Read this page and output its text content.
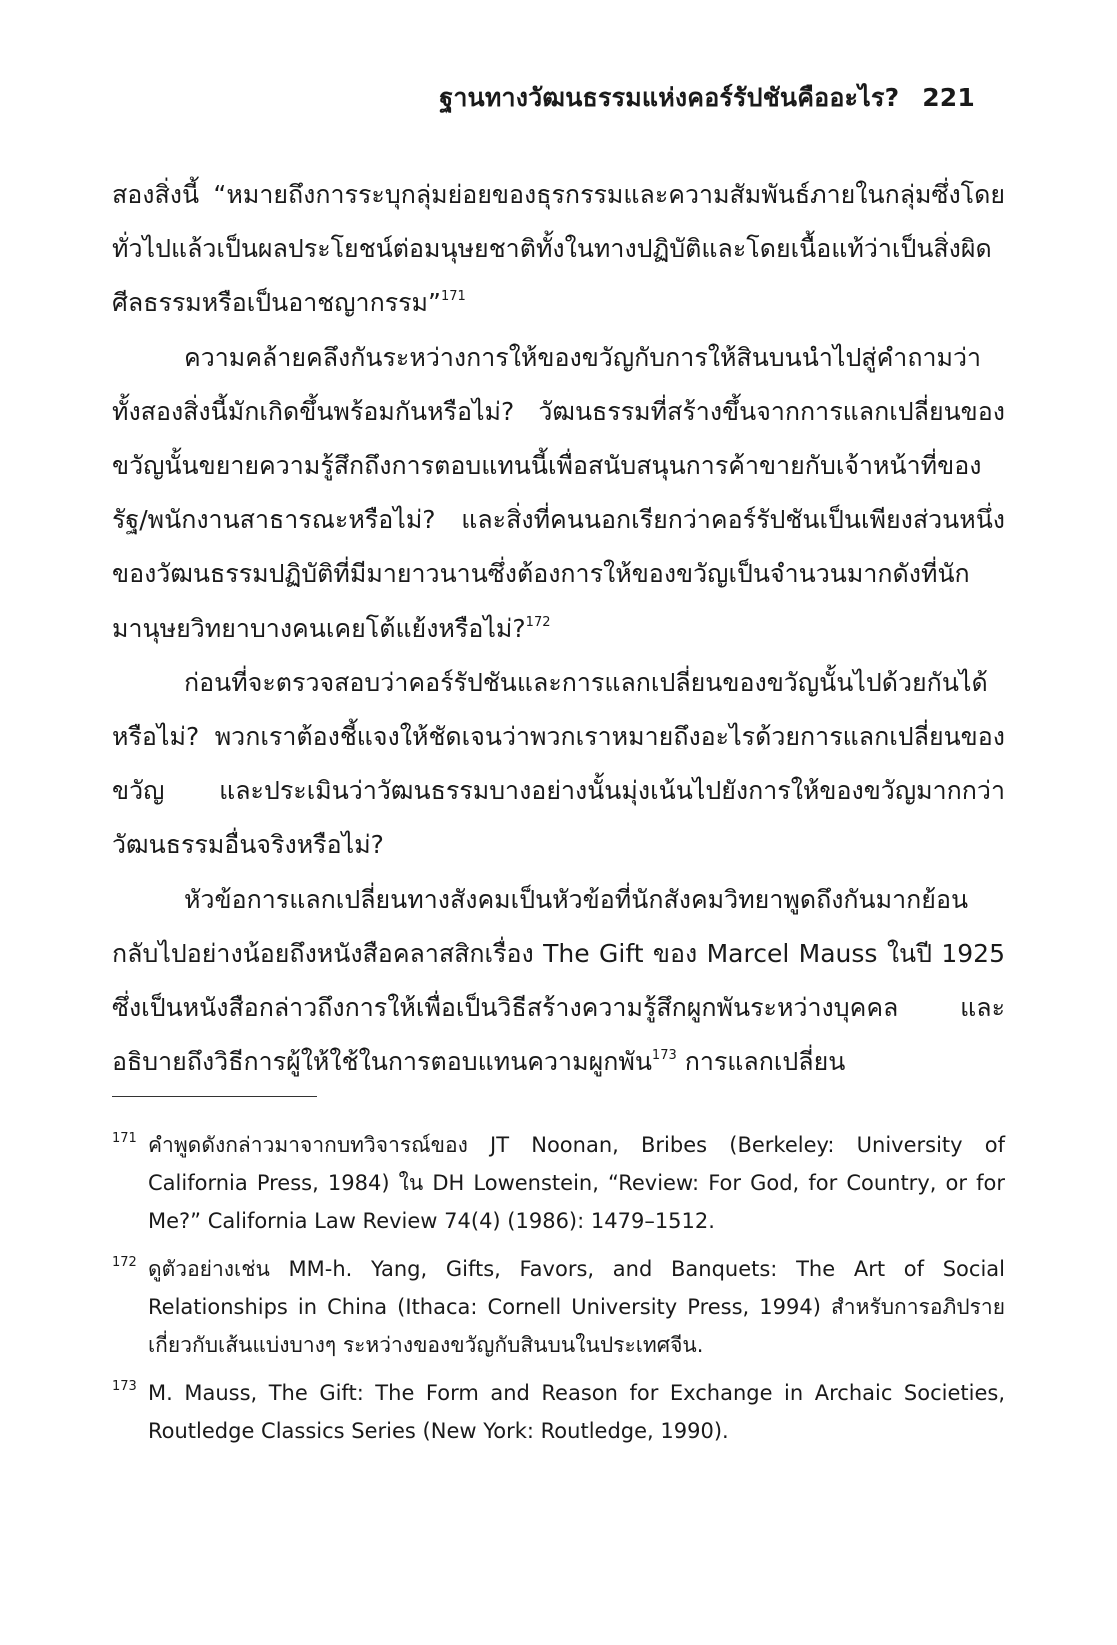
ฐานทางวัฒนธรรมแห่งคอร์รัปชันคืออะไร? 221

สองสิ่งนี้ “หมายถึงการระบุกลุ่มย่อยของธุรกรรมและความสัมพันธ์ภายในกลุ่มซึ่งโดยทั่วไปแล้วเป็นผลประโยชน์ต่อมนุษยชาติทั้งในทางปฏิบัติและโดยเนื้อแท้ว่าเป็นสิ่งผิดศีลธรรมหรือเป็นอาชญากรรม”$^{171}$

ความคล้ายคลึงกันระหว่างการให้ของขวัญกับการให้สินบนนำไปสู่คำถามว่าทั้งสองสิ่งนี้มักเกิดขึ้นพร้อมกันหรือไม่? วัฒนธรรมที่สร้างขึ้นจากการแลกเปลี่ยนของขวัญนั้นขยายความรู้สึกถึงการตอบแทนนี้เพื่อสนับสนุนการค้าขายกับเจ้าหน้าที่ของรัฐ/พนักงานสาธารณะหรือไม่? และสิ่งที่คนนอกเรียกว่าคอร์รัปชันเป็นเพียงส่วนหนึ่งของวัฒนธรรมปฏิบัติที่มีมายาวนานซึ่งต้องการให้ของขวัญเป็นจำนวนมากดังที่นักมานุษยวิทยาบางคนเคยโต้แย้งหรือไม่?$^{172}$

ก่อนที่จะตรวจสอบว่าคอร์รัปชันและการแลกเปลี่ยนของขวัญนั้นไปด้วยกันได้หรือไม่? พวกเราต้องชี้แจงให้ชัดเจนว่าพวกเราหมายถึงอะไรด้วยการแลกเปลี่ยนของขวัญ และประเมินว่าวัฒนธรรมบางอย่างนั้นมุ่งเน้นไปยังการให้ของขวัญมากกว่าวัฒนธรรมอื่นจริงหรือไม่?

หัวข้อการแลกเปลี่ยนทางสังคมเป็นหัวข้อที่นักสังคมวิทยาพูดถึงกันมากย้อนกลับไปอย่างน้อยถึงหนังสือคลาสสิกเรื่อง The Gift ของ Marcel Mauss ในปี 1925 ซึ่งเป็นหนังสือกล่าวถึงการให้เพื่อเป็นวิธีสร้างความรู้สึกผูกพันระหว่างบุคคล และอธิบายถึงวิธีการผู้ให้ใช้ในการตอบแทนความผูกพัน$^{173}$ การแลกเปลี่ยน

171 คำพูดดังกล่าวมาจากบทวิจารณ์ของ JT Noonan, Bribes (Berkeley: University of California Press, 1984) ใน DH Lowenstein, “Review: For God, for Country, or for Me?” California Law Review 74(4) (1986): 1479–1512.
172 ดูตัวอย่างเช่น MM-h. Yang, Gifts, Favors, and Banquets: The Art of Social Relationships in China (Ithaca: Cornell University Press, 1994) สำหรับการอภิปรายเกี่ยวกับเส้นแบ่งบางๆ ระหว่างของขวัญกับสินบนในประเทศจีน.
173 M. Mauss, The Gift: The Form and Reason for Exchange in Archaic Societies, Routledge Classics Series (New York: Routledge, 1990).
